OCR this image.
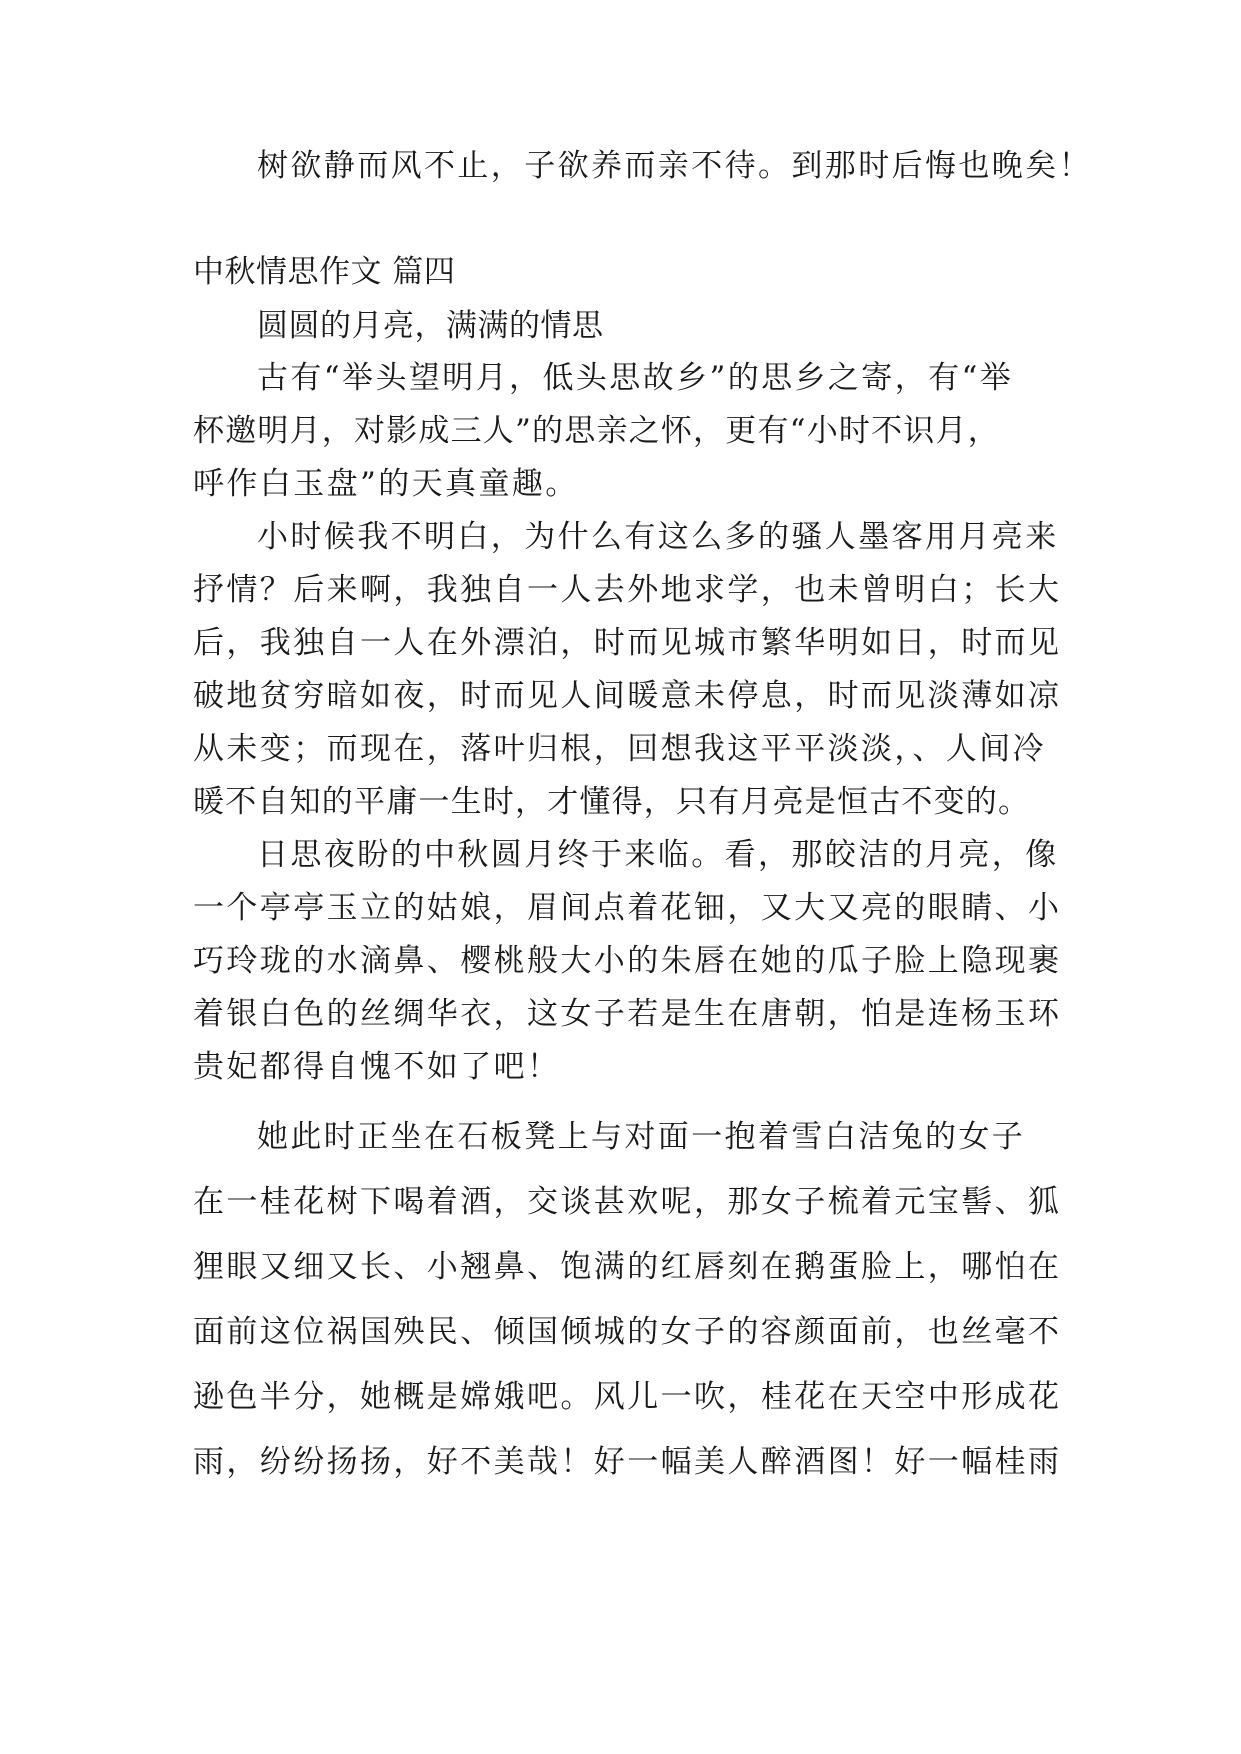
树欲静而风不止，子欲养而亲不待。到那时后悔也晚矣！
中秋情思作文 篇四
圆圆的月亮，满满的情思
古有“举头望明月，低头思故乡”的思乡之寄，有“举
杯邀明月，对影成三人”的思亲之怀，更有“小时不识月，
呼作白玉盘”的天真童趣。
小时候我不明白，为什么有这么多的骚人墨客用月亮来
抒情？后来啊，我独自一人去外地求学，也未曾明白；长大
后，我独自一人在外漂泊，时而见城市繁华明如日，时而见
破地贫穷暗如夜，时而见人间暖意未停息，时而见淡薄如凉
从未变；而现在，落叶归根，回想我这平平淡淡，、人间冷
暖不自知的平庸一生时，才懂得，只有月亮是恒古不变的。
日思夜盼的中秋圆月终于来临。看，那皎洁的月亮，像
一个亭亭玉立的姑娘，眉间点着花钿，又大又亮的眼睛、小
巧玲珑的水滴鼻、樱桃般大小的朱唇在她的瓜子脸上隐现裹
着银白色的丝绸华衣，这女子若是生在唐朝，怕是连杨玉环
贵妃都得自愧不如了吧！
她此时正坐在石板凳上与对面一抱着雪白洁兔的女子
在一桂花树下喝着酒，交谈甚欢呢，那女子梳着元宝髻、狐
狸眼又细又长、小翘鼻、饱满的红唇刻在鹅蛋脸上，哪怕在
面前这位祸国殃民、倾国倾城的女子的容颜面前，也丝毫不
逊色半分，她概是嫦娥吧。风儿一吹，桂花在天空中形成花
雨，纷纷扬扬，好不美哉！好一幅美人醉酒图！好一幅桂雨
